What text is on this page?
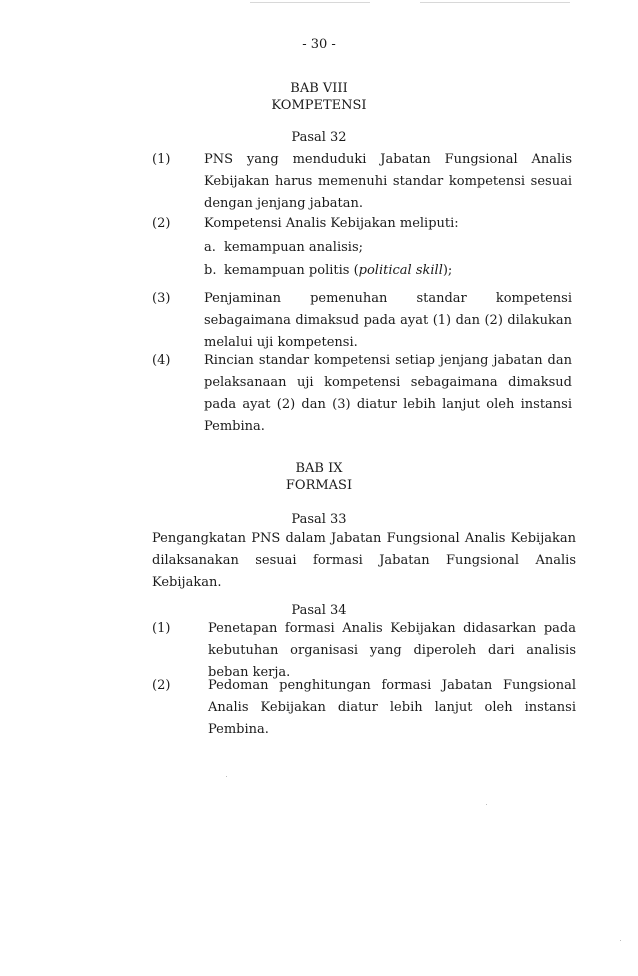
- 30 -
BAB VIII
KOMPETENSI
Pasal 32
(1)	PNS yang menduduki Jabatan Fungsional Analis Kebijakan harus memenuhi standar kompetensi sesuai dengan jenjang jabatan.
(2)	Kompetensi Analis Kebijakan meliputi:
a. kemampuan analisis;
b. kemampuan politis (political skill);
(3)	Penjaminan pemenuhan standar kompetensi sebagaimana dimaksud pada ayat (1) dan (2) dilakukan melalui uji kompetensi.
(4)	Rincian standar kompetensi setiap jenjang jabatan dan pelaksanaan uji kompetensi sebagaimana dimaksud pada ayat (2) dan (3) diatur lebih lanjut oleh instansi Pembina.
BAB IX
FORMASI
Pasal 33
Pengangkatan PNS dalam Jabatan Fungsional Analis Kebijakan dilaksanakan sesuai formasi Jabatan Fungsional Analis Kebijakan.
Pasal 34
(1)	Penetapan formasi Analis Kebijakan didasarkan pada kebutuhan organisasi yang diperoleh dari analisis beban kerja.
(2)	Pedoman penghitungan formasi Jabatan Fungsional Analis Kebijakan diatur lebih lanjut oleh instansi Pembina.
